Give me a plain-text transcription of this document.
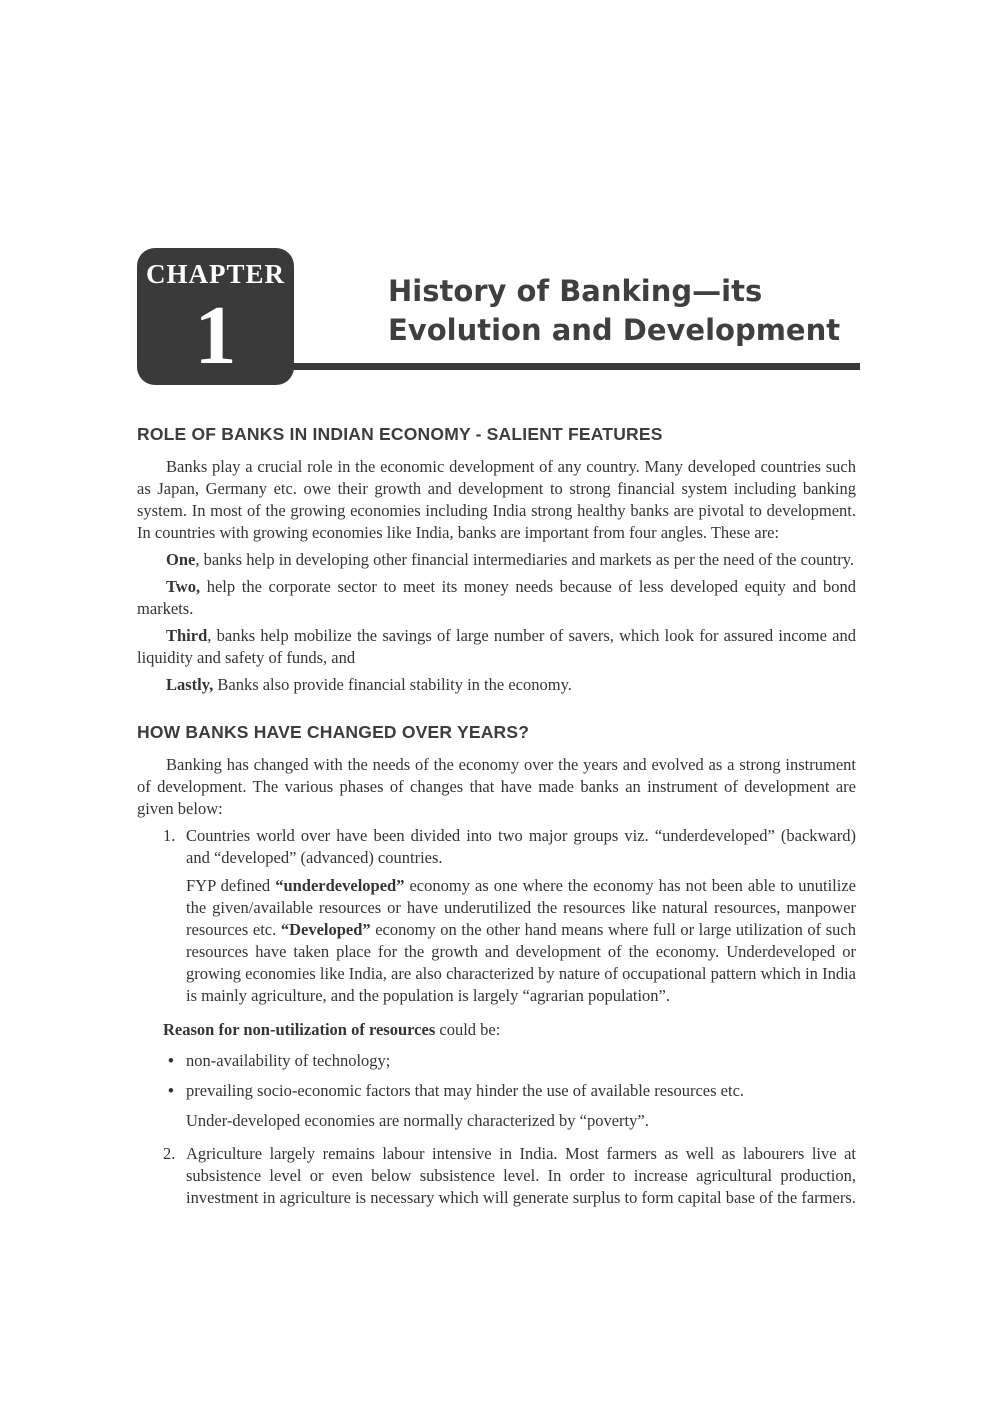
CHAPTER
1	History of Banking—its
Evolution and Development
ROLE OF BANKS IN INDIAN ECONOMY - SALIENT FEATURES

Banks play a crucial role in the economic development of any country. Many developed countries such as Japan, Germany etc. owe their growth and development to strong financial system including banking system. In most of the growing economies including India strong healthy banks are pivotal to development. In countries with growing economies like India, banks are important from four angles. These are:

One, banks help in developing other financial intermediaries and markets as per the need of the country.

Two, help the corporate sector to meet its money needs because of less developed equity and bond markets.

Third, banks help mobilize the savings of large number of savers, which look for assured income and liquidity and safety of funds, and

Lastly, Banks also provide financial stability in the economy.

HOW BANKS HAVE CHANGED OVER YEARS?

Banking has changed with the needs of the economy over the years and evolved as a strong instrument of development. The various phases of changes that have made banks an instrument of development are given below:

1. Countries world over have been divided into two major groups viz. “underdeveloped” (backward) and “developed” (advanced) countries.

FYP defined “underdeveloped” economy as one where the economy has not been able to unutilize the given/available resources or have underutilized the resources like natural resources, manpower resources etc. “Developed” economy on the other hand means where full or large utilization of such resources have taken place for the growth and development of the economy. Underdeveloped or growing economies like India, are also characterized by nature of occupational pattern which in India is mainly agriculture, and the population is largely “agrarian population”.

Reason for non-utilization of resources could be:

• non-availability of technology;

• prevailing socio-economic factors that may hinder the use of available resources etc.

Under-developed economies are normally characterized by “poverty”.

2. Agriculture largely remains labour intensive in India. Most farmers as well as labourers live at subsistence level or even below subsistence level. In order to increase agricultural production, investment in agriculture is necessary which will generate surplus to form capital base of the farmers.
